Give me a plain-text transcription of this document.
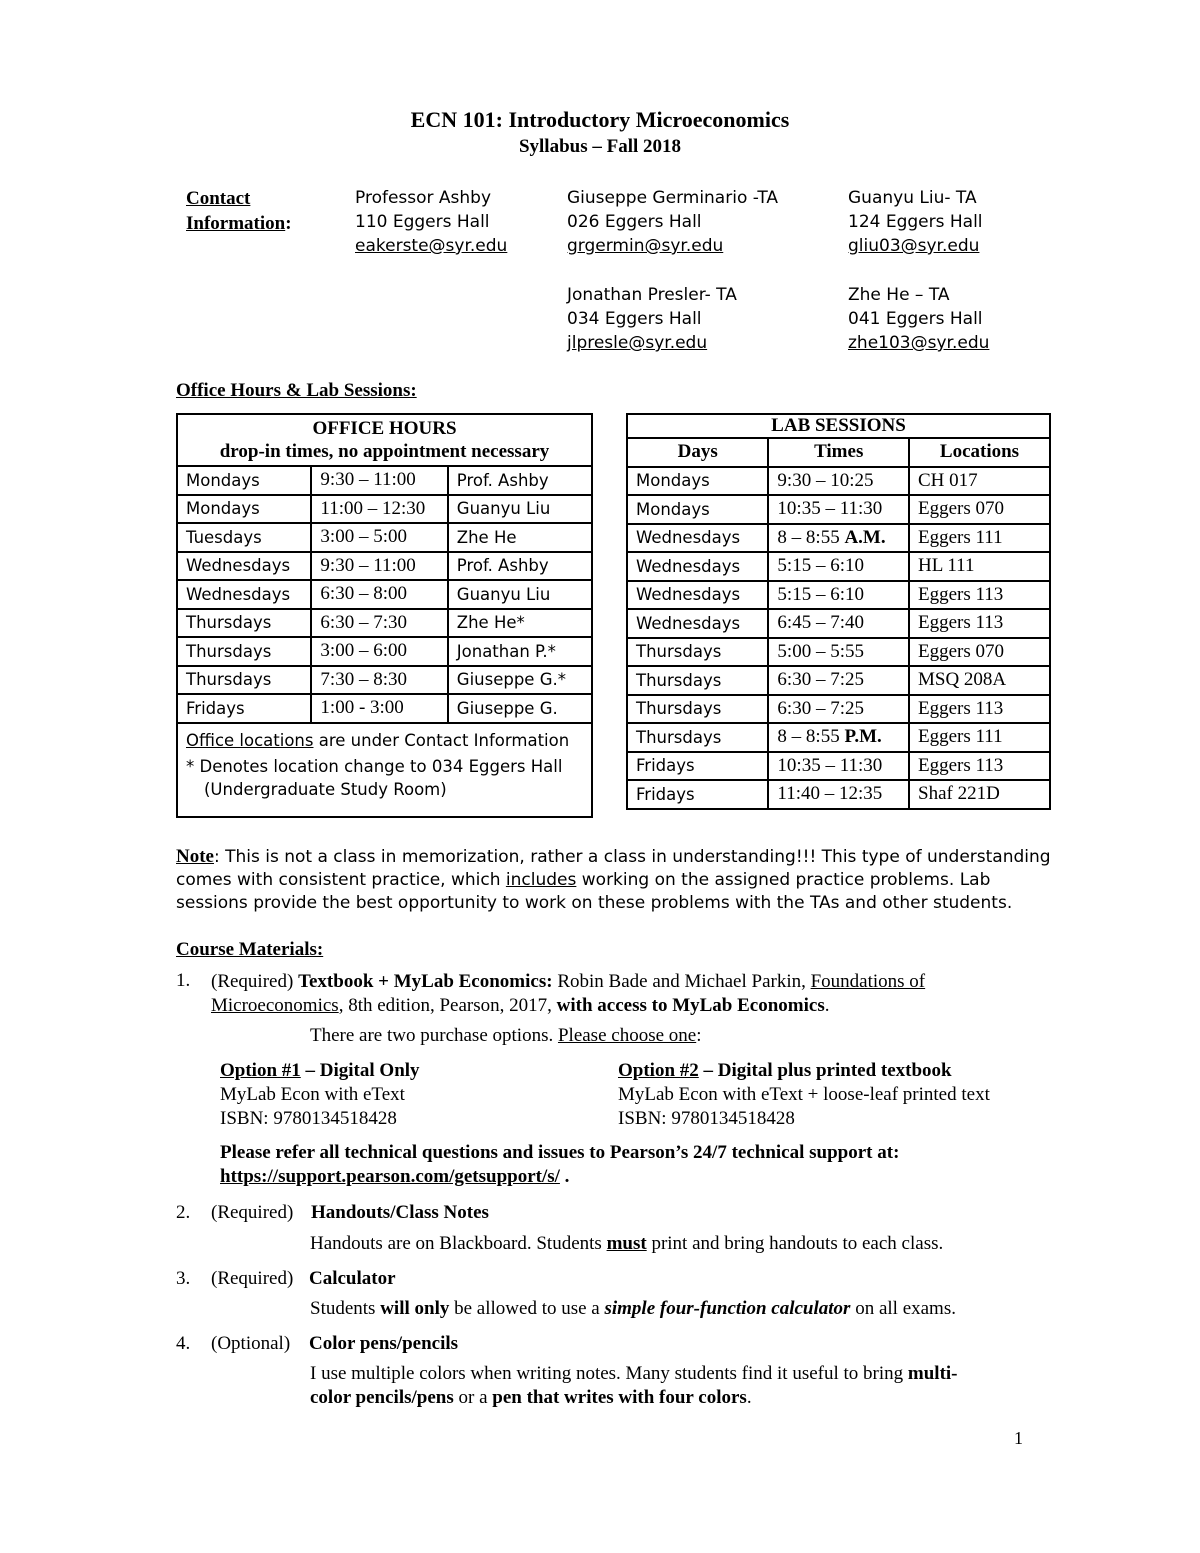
ECN 101: Introductory Microeconomics
Syllabus – Fall 2018
Contact
Information:
Professor Ashby
110 Eggers Hall
eakerste@syr.edu
Giuseppe Germinario -TA
026 Eggers Hall
grgermin@syr.edu
Guanyu Liu- TA
124 Eggers Hall
gliu03@syr.edu
Jonathan Presler- TA
034 Eggers Hall
jlpresle@syr.edu
Zhe He – TA
041 Eggers Hall
zhe103@syr.edu
Office Hours & Lab Sessions:
OFFICE HOURS
drop-in times, no appointment necessary		
Mondays	9:30 – 11:00	Prof. Ashby
Mondays	11:00 – 12:30	Guanyu Liu
Tuesdays	3:00 – 5:00	Zhe He
Wednesdays	9:30 – 11:00	Prof. Ashby
Wednesdays	6:30 – 8:00	Guanyu Liu
Thursdays	6:30 – 7:30	Zhe He*
Thursdays	3:00 – 6:00	Jonathan P.*
Thursdays	7:30 – 8:30	Giuseppe G.*
Fridays	1:00 - 3:00	Giuseppe G.

Office locations are under Contact Information
* Denotes location change to 034 Eggers Hall
(Undergraduate Study Room)		
LAB SESSIONS		
Days	Times	Locations
Mondays	9:30 – 10:25	CH 017
Mondays	10:35 – 11:30	Eggers 070
Wednesdays	8 – 8:55 A.M.	Eggers 111
Wednesdays	5:15 – 6:10	HL 111
Wednesdays	5:15 – 6:10	Eggers 113
Wednesdays	6:45 – 7:40	Eggers 113
Thursdays	5:00 – 5:55	Eggers 070
Thursdays	6:30 – 7:25	MSQ 208A
Thursdays	6:30 – 7:25	Eggers 113
Thursdays	8 – 8:55 P.M.	Eggers 111
Fridays	10:35 – 11:30	Eggers 113
Fridays	11:40 – 12:35	Shaf 221D
Note: This is not a class in memorization, rather a class in understanding!!! This type of understanding
comes with consistent practice, which includes working on the assigned practice problems. Lab
sessions provide the best opportunity to work on these problems with the TAs and other students.
Course Materials:
1. (Required) Textbook + MyLab Economics: Robin Bade and Michael Parkin, Foundations of
Microeconomics, 8th edition, Pearson, 2017, with access to MyLab Economics.
There are two purchase options. Please choose one:
Option #1 – Digital Only
MyLab Econ with eText
ISBN: 9780134518428
Option #2 – Digital plus printed textbook
MyLab Econ with eText + loose-leaf printed text
ISBN: 9780134518428
Please refer all technical questions and issues to Pearson’s 24/7 technical support at:
https://support.pearson.com/getsupport/s/ .
2. (Required) Handouts/Class Notes
Handouts are on Blackboard. Students must print and bring handouts to each class.
3. (Required) Calculator
Students will only be allowed to use a simple four-function calculator on all exams.
4. (Optional) Color pens/pencils
I use multiple colors when writing notes. Many students find it useful to bring multi-
color pencils/pens or a pen that writes with four colors.
1
